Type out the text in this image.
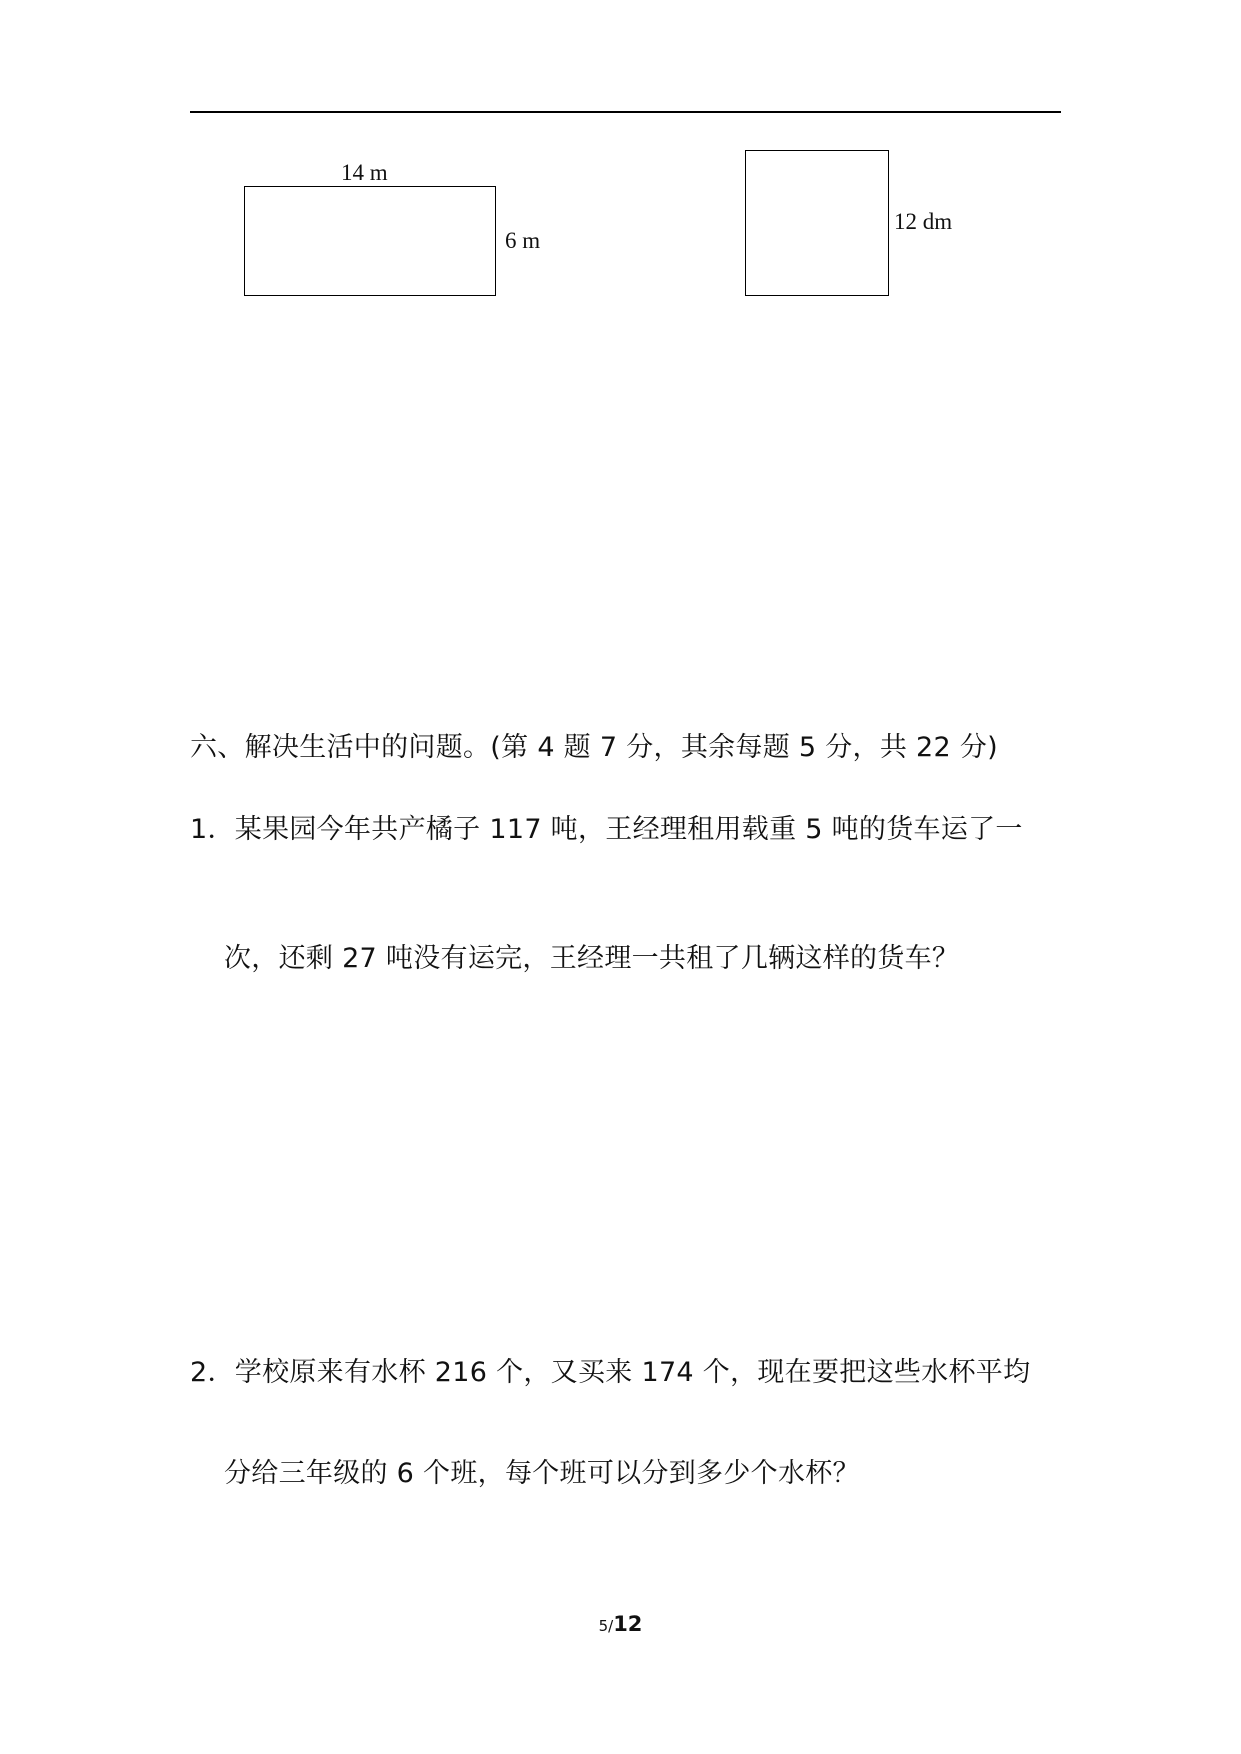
14 m
6 m
12 dm
六、解决生活中的问题。(第 4 题 7 分，其余每题 5 分，共 22 分)
1．某果园今年共产橘子 117 吨，王经理租用载重 5 吨的货车运了一
次，还剩 27 吨没有运完，王经理一共租了几辆这样的货车？
2．学校原来有水杯 216 个，又买来 174 个，现在要把这些水杯平均
分给三年级的 6 个班，每个班可以分到多少个水杯？
5/12
